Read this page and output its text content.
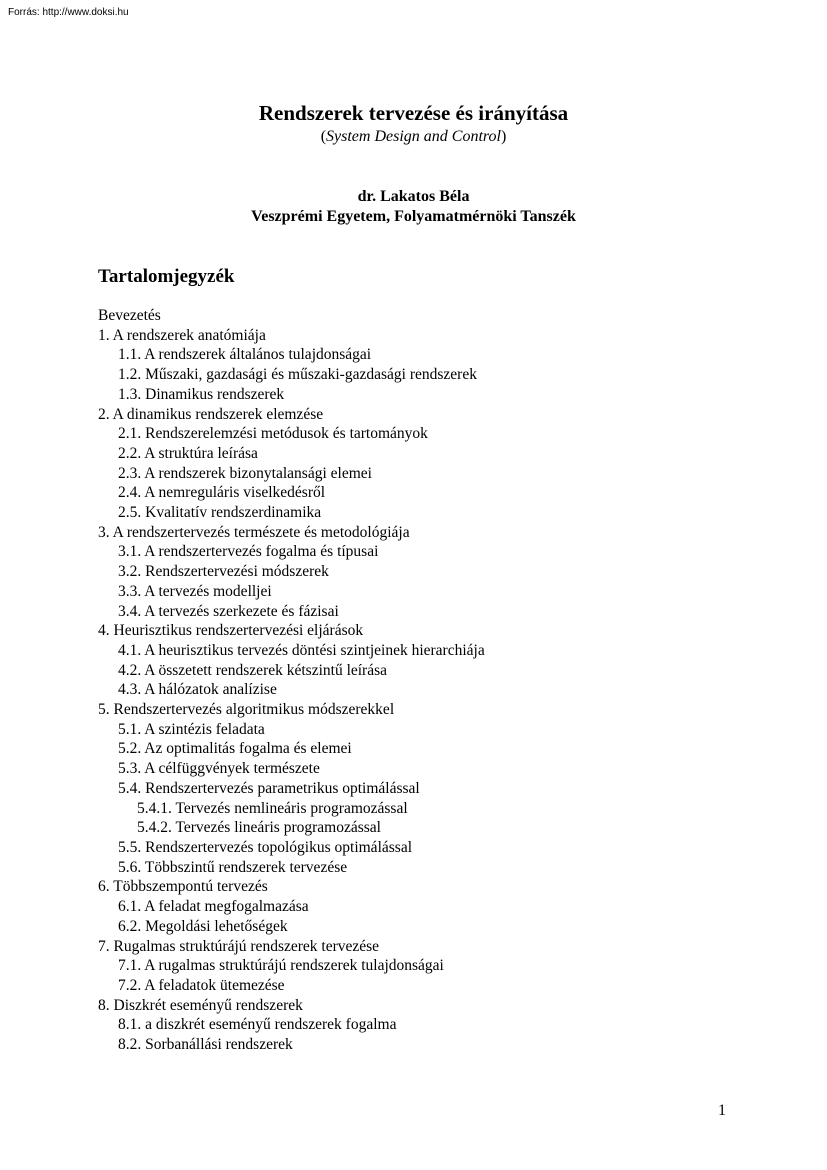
Forrás: http://www.doksi.hu
Rendszerek tervezése és irányítása
(System Design and Control)
dr. Lakatos Béla
Veszprémi Egyetem, Folyamatmérnöki Tanszék
Tartalomjegyzék
Bevezetés
1. A rendszerek anatómiája
1.1. A rendszerek általános tulajdonságai
1.2. Műszaki, gazdasági és műszaki-gazdasági rendszerek
1.3. Dinamikus rendszerek
2. A dinamikus rendszerek elemzése
2.1. Rendszerelemzési metódusok és tartományok
2.2. A struktúra leírása
2.3. A rendszerek bizonytalansági elemei
2.4. A nemreguláris viselkedésről
2.5. Kvalitatív rendszerdinamika
3. A rendszertervezés természete és metodológiája
3.1. A rendszertervezés fogalma és típusai
3.2. Rendszertervezési módszerek
3.3. A tervezés modelljei
3.4. A tervezés szerkezete és fázisai
4. Heurisztikus rendszertervezési eljárások
4.1. A heurisztikus tervezés döntési szintjeinek hierarchiája
4.2. A összetett rendszerek kétszintű leírása
4.3. A hálózatok analízise
5. Rendszertervezés algoritmikus módszerekkel
5.1. A szintézis feladata
5.2. Az optimalitás fogalma és elemei
5.3. A célfüggvények természete
5.4. Rendszertervezés parametrikus optimálással
5.4.1. Tervezés nemlineáris programozással
5.4.2. Tervezés lineáris programozással
5.5. Rendszertervezés topológikus optimálással
5.6. Többszintű rendszerek tervezése
6. Többszempontú tervezés
6.1. A feladat megfogalmazása
6.2. Megoldási lehetőségek
7. Rugalmas struktúrájú rendszerek tervezése
7.1. A rugalmas struktúrájú rendszerek tulajdonságai
7.2. A feladatok ütemezése
8. Diszkrét eseményű rendszerek
8.1. a diszkrét eseményű rendszerek fogalma
8.2. Sorbanállási rendszerek
1
